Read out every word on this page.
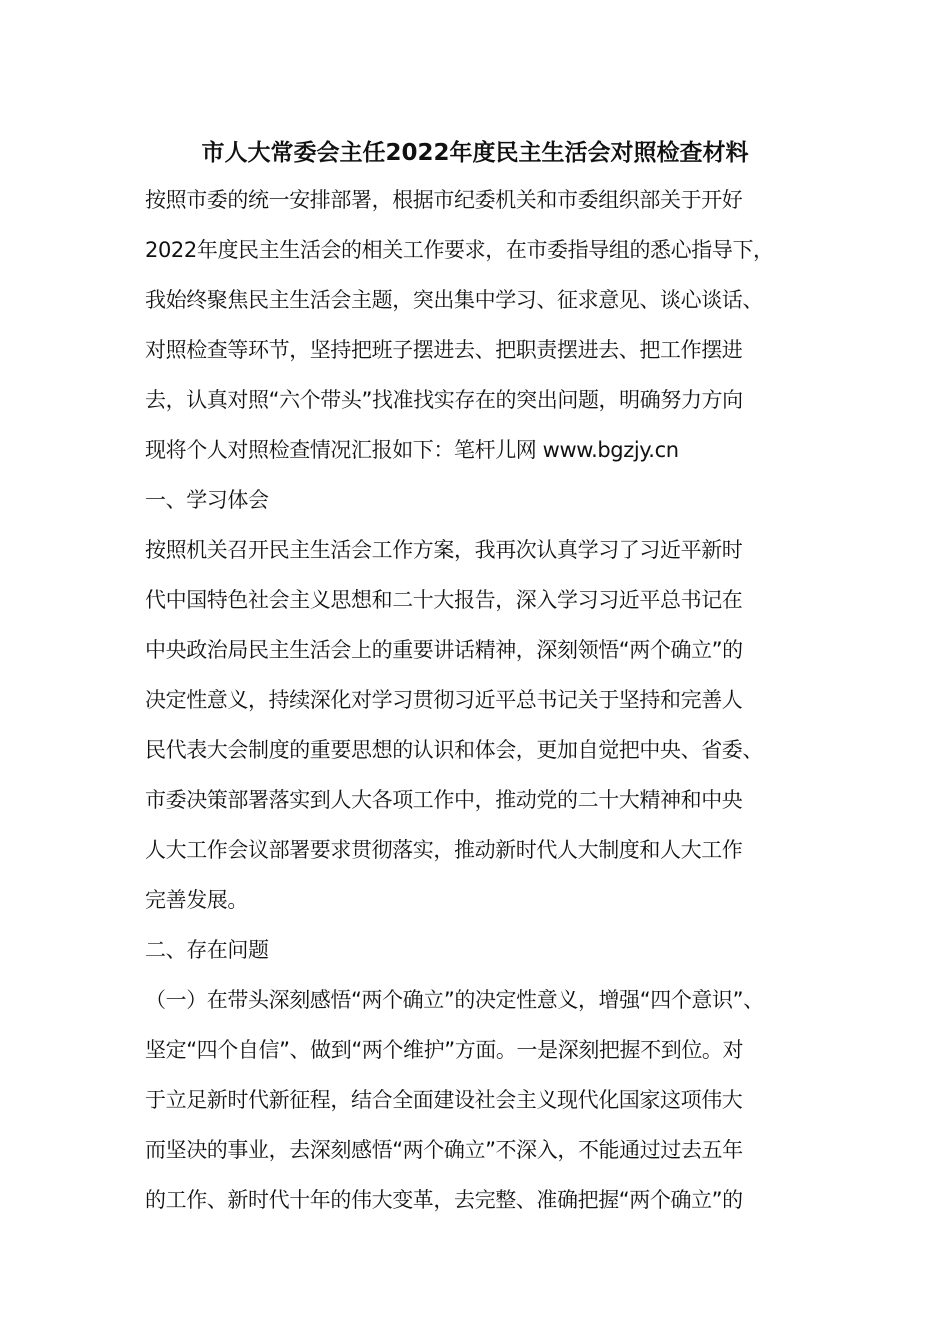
市人大常委会主任2022年度民主生活会对照检查材料
按照市委的统一安排部署，根据市纪委机关和市委组织部关于开好
2022年度民主生活会的相关工作要求，在市委指导组的悉心指导下，
我始终聚焦民主生活会主题，突出集中学习、征求意见、谈心谈话、
对照检查等环节，坚持把班子摆进去、把职责摆进去、把工作摆进
去，认真对照“六个带头”找准找实存在的突出问题，明确努力方向
现将个人对照检查情况汇报如下：笔杆儿网 www.bgzjy.cn
一、学习体会
按照机关召开民主生活会工作方案，我再次认真学习了习近平新时
代中国特色社会主义思想和二十大报告，深入学习习近平总书记在
中央政治局民主生活会上的重要讲话精神，深刻领悟“两个确立”的
决定性意义，持续深化对学习贯彻习近平总书记关于坚持和完善人
民代表大会制度的重要思想的认识和体会，更加自觉把中央、省委、
市委决策部署落实到人大各项工作中，推动党的二十大精神和中央
人大工作会议部署要求贯彻落实，推动新时代人大制度和人大工作
完善发展。
二、存在问题
（一）在带头深刻感悟“两个确立”的决定性意义，增强“四个意识”、
坚定“四个自信”、做到“两个维护”方面。一是深刻把握不到位。对
于立足新时代新征程，结合全面建设社会主义现代化国家这项伟大
而坚决的事业，去深刻感悟“两个确立”不深入，不能通过过去五年
的工作、新时代十年的伟大变革，去完整、准确把握“两个确立”的
